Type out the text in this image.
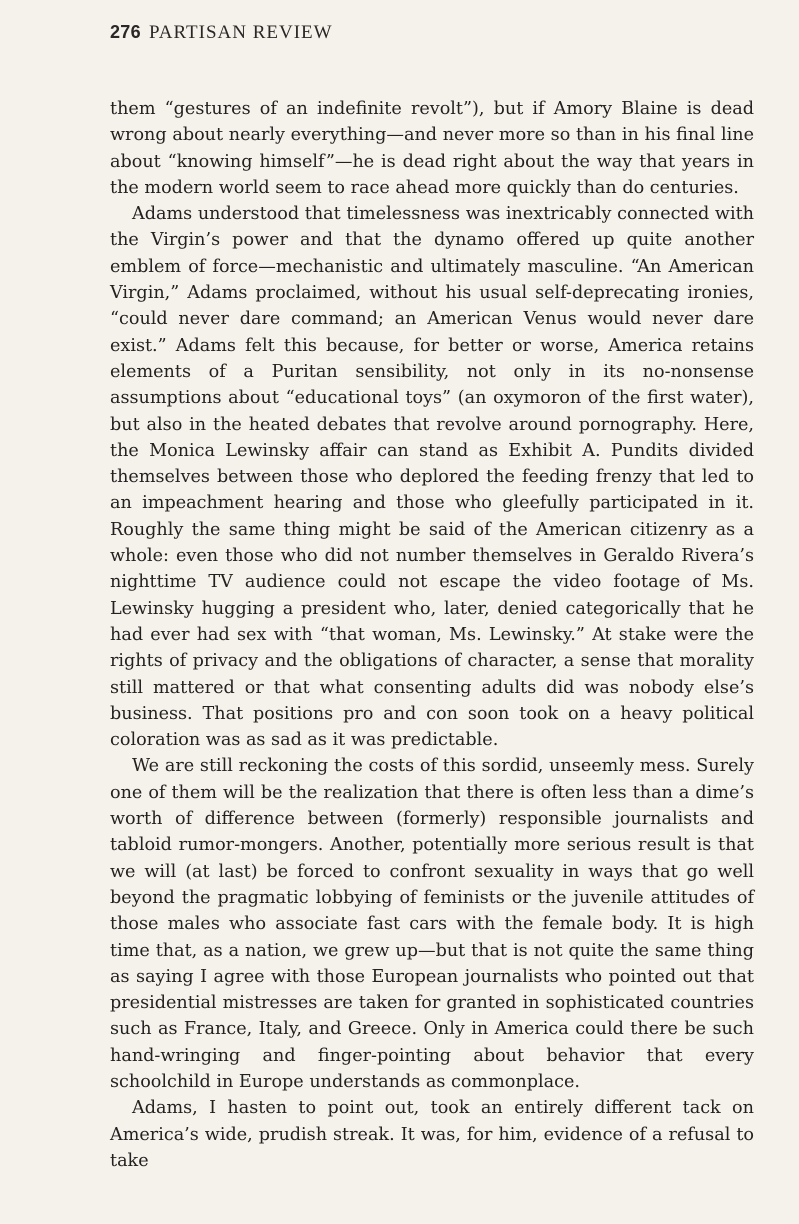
276 PARTISAN REVIEW

them “gestures of an indefinite revolt”), but if Amory Blaine is dead wrong about nearly everything—and never more so than in his final line about “knowing himself”—he is dead right about the way that years in the modern world seem to race ahead more quickly than do centuries.

Adams understood that timelessness was inextricably connected with the Virgin’s power and that the dynamo offered up quite another emblem of force—mechanistic and ultimately masculine. “An American Virgin,” Adams proclaimed, without his usual self-deprecating ironies, “could never dare command; an American Venus would never dare exist.” Adams felt this because, for better or worse, America retains elements of a Puritan sensibility, not only in its no-nonsense assumptions about “educational toys” (an oxymoron of the first water), but also in the heated debates that revolve around pornography. Here, the Monica Lewinsky affair can stand as Exhibit A. Pundits divided themselves between those who deplored the feeding frenzy that led to an impeachment hearing and those who gleefully participated in it. Roughly the same thing might be said of the American citizenry as a whole: even those who did not number themselves in Geraldo Rivera’s nighttime TV audience could not escape the video footage of Ms. Lewinsky hugging a president who, later, denied categorically that he had ever had sex with “that woman, Ms. Lewinsky.” At stake were the rights of privacy and the obligations of character, a sense that morality still mattered or that what consenting adults did was nobody else’s business. That positions pro and con soon took on a heavy political coloration was as sad as it was predictable.

We are still reckoning the costs of this sordid, unseemly mess. Surely one of them will be the realization that there is often less than a dime’s worth of difference between (formerly) responsible journalists and tabloid rumor-mongers. Another, potentially more serious result is that we will (at last) be forced to confront sexuality in ways that go well beyond the pragmatic lobbying of feminists or the juvenile attitudes of those males who associate fast cars with the female body. It is high time that, as a nation, we grew up—but that is not quite the same thing as saying I agree with those European journalists who pointed out that presidential mistresses are taken for granted in sophisticated countries such as France, Italy, and Greece. Only in America could there be such hand-wringing and finger-pointing about behavior that every schoolchild in Europe understands as commonplace.

Adams, I hasten to point out, took an entirely different tack on America’s wide, prudish streak. It was, for him, evidence of a refusal to take
